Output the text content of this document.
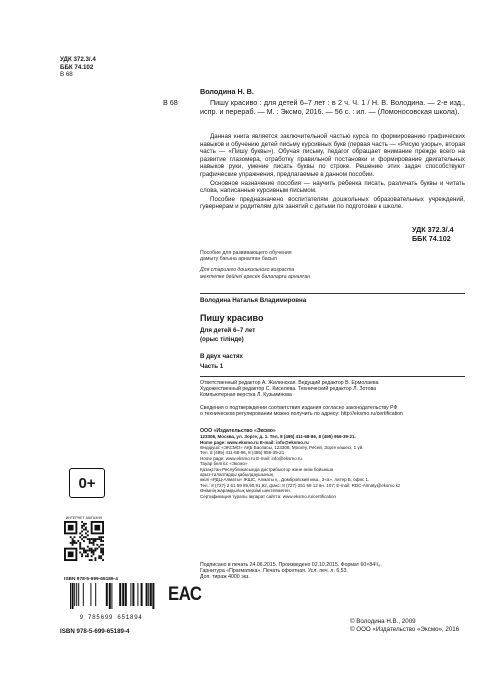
УДК 372.3/.4
ББК 74.102
В 68
Володина Н. В.
В 68	Пишу красиво : для детей 6–7 лет : в 2 ч. Ч. 1 / Н. В. Володина. — 2-е изд., испр. и перераб. — М. : Эксмо, 2016. — 56 с. : ил. — (Ломоносовская школа).
Данная книга является заключительной частью курса по формированию графических навыков и обучению детей письму курсивных букв (первая часть — «Рисую узоры», вторая часть — «Пишу буквы»). Обучая письму, педагог обращает внимание прежде всего на развитие глазомера, отработку правильной постановки и формирование двигательных навыков руки, умение писать буквы по строке. Решению этих задач способствуют графические упражнения, предлагаемые в данном пособии.
Основное назначение пособия — научить ребенка писать, различать буквы и читать слова, написанные курсивным письмом.
Пособие предназначено воспитателям дошкольных образовательных учреждений, гувернерам и родителям для занятий с детьми по подготовке к школе.
УДК 372.3/.4
ББК 74.102
Пособие для развивающего обучения
дамыту бағына арналған басыл
Для старшего дошкольного возраста
мектепке дейінгі ересек балаларға арналған
Володина Наталья Владимировна
Пишу красиво
Для детей 6–7 лет
(орыс тілінде)
В двух частях
Часть 1
Ответственный редактор А. Жилинская. Ведущий редактор В. Ермолаева
Художественный редактор С. Киселева. Технический редактор Л. Зотова
Компьютерная верстка Л. Кузьминова
Сведения о подтверждении соответствия издания согласно законодательству РФ
о техническом регулировании можно получить по адресу: http://eksmo.ru/certification
ООО «Издательство «Эксмо»
123308, Москва, ул. Зорге, д. 1. Тел. 8 (495) 411-68-86, 8 (495) 956-39-21.
Home page: www.eksmo.ru E-mail: info@eksmo.ru
Өндіруші: «ЭКСМО» АҚБ Баспасы, 123308, Мәскеу, Ресей, Зорге көшесі, 1 үй.
Тел. 8 (495) 411-68-86, 8 (495) 956-39-21
Home page: www.eksmo.ru E-mail: info@eksmo.ru.
Тауар белгісі: «Эксмо»
Қазақстан Республикасында дистрибьютор және өнім бойынша
арыз-талаптарды қабылдаушының
өкілі «РДЦ-Алматы» ЖШС, Алматы қ., Домбровский көш., 3«а», литер Б, офис 1.
Тел.: 8 (727) 2 51 59 89,90,91,92, факс: 8 (727) 251 58 12 вн. 107; E-mail: RDC-Almaty@eksmo.kz
Өнімнің жарамдылық мерзімі шектелмеген.
Сертификация туралы ақпарат сайтта: www.eksmo.ru/certification
0+
ИНТЕРНЕТ-МАГАЗИН
ISBN 978-5-699-65189-4
9 785699 651894
ЕАС
Подписано в печать 24.06.2015. Произведено 02.10.2015. Формат 60×84¹/₈.
Гарнитура «Прагматика». Печать офсетная. Усл. печ. л. 6,53.
Доп. тираж 4000 экз.
ISBN 978-5-699-65189-4
© Володина Н.В., 2009
© ООО «Издательство «Эксмо», 2016
